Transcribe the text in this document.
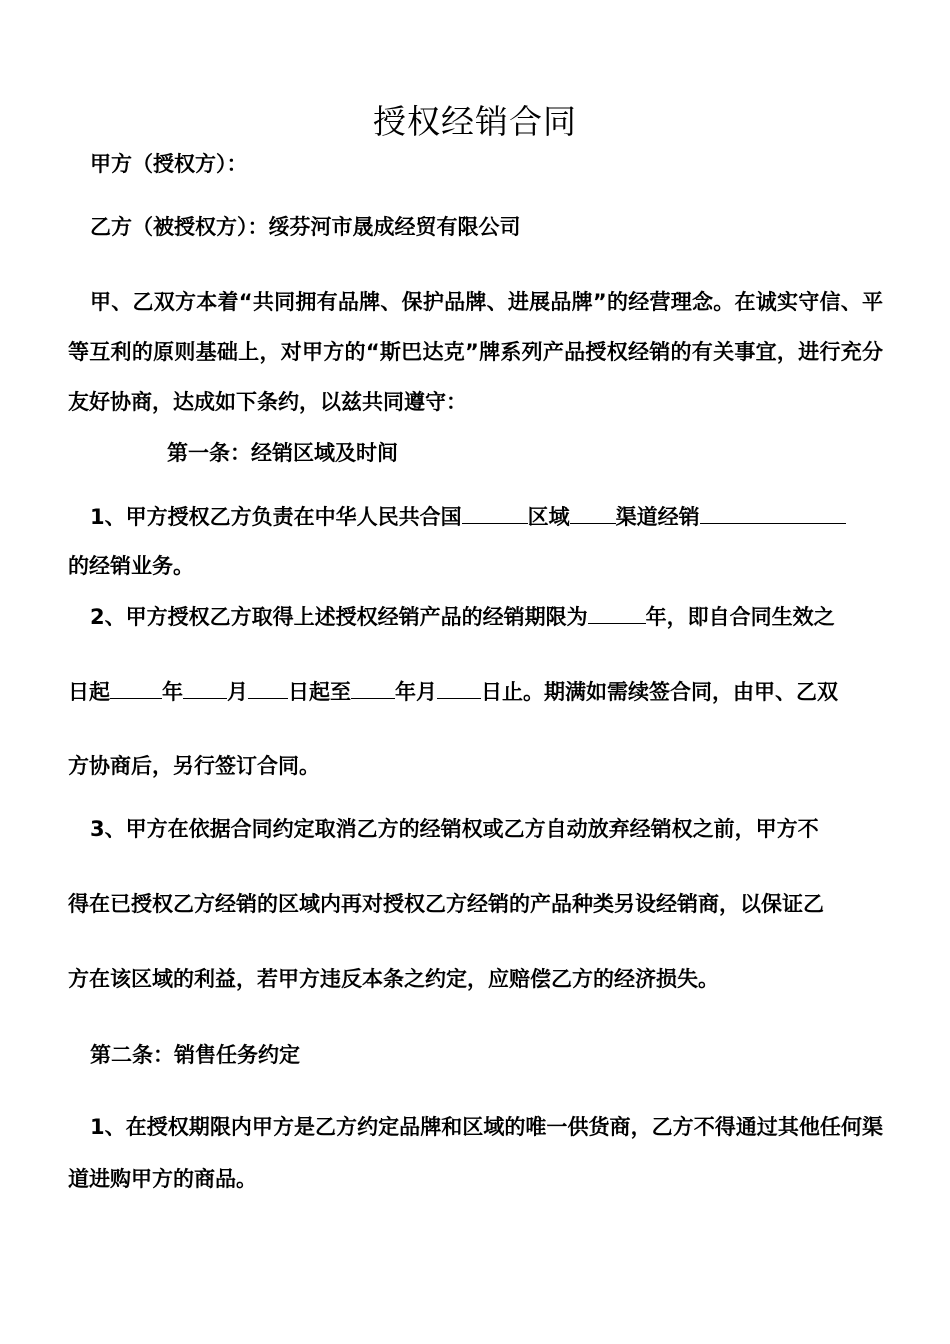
授权经销合同
甲方（授权方）：
乙方（被授权方）：绥芬河市晟成经贸有限公司
甲、乙双方本着“共同拥有品牌、保护品牌、进展品牌”的经营理念。在诚实守信、平等互利的原则基础上，对甲方的“斯巴达克”牌系列产品授权经销的有关事宜，进行充分友好协商，达成如下条约，以兹共同遵守：
第一条：经销区域及时间
1、甲方授权乙方负责在中华人民共合国	区域 渠道经销
的经销业务。
2、甲方授权乙方取得上述授权经销产品的经销期限为	年，即自合同生效之
日起 年 月 日起至 年月 日止。期满如需续签合同，由甲、乙双
方协商后，另行签订合同。
3、甲方在依据合同约定取消乙方的经销权或乙方自动放弃经销权之前，甲方不
得在已授权乙方经销的区域内再对授权乙方经销的产品种类另设经销商，以保证乙
方在该区域的利益，若甲方违反本条之约定，应赔偿乙方的经济损失。
第二条：销售任务约定
1、在授权期限内甲方是乙方约定品牌和区域的唯一供货商，乙方不得通过其他任何渠道进购甲方的商品。
